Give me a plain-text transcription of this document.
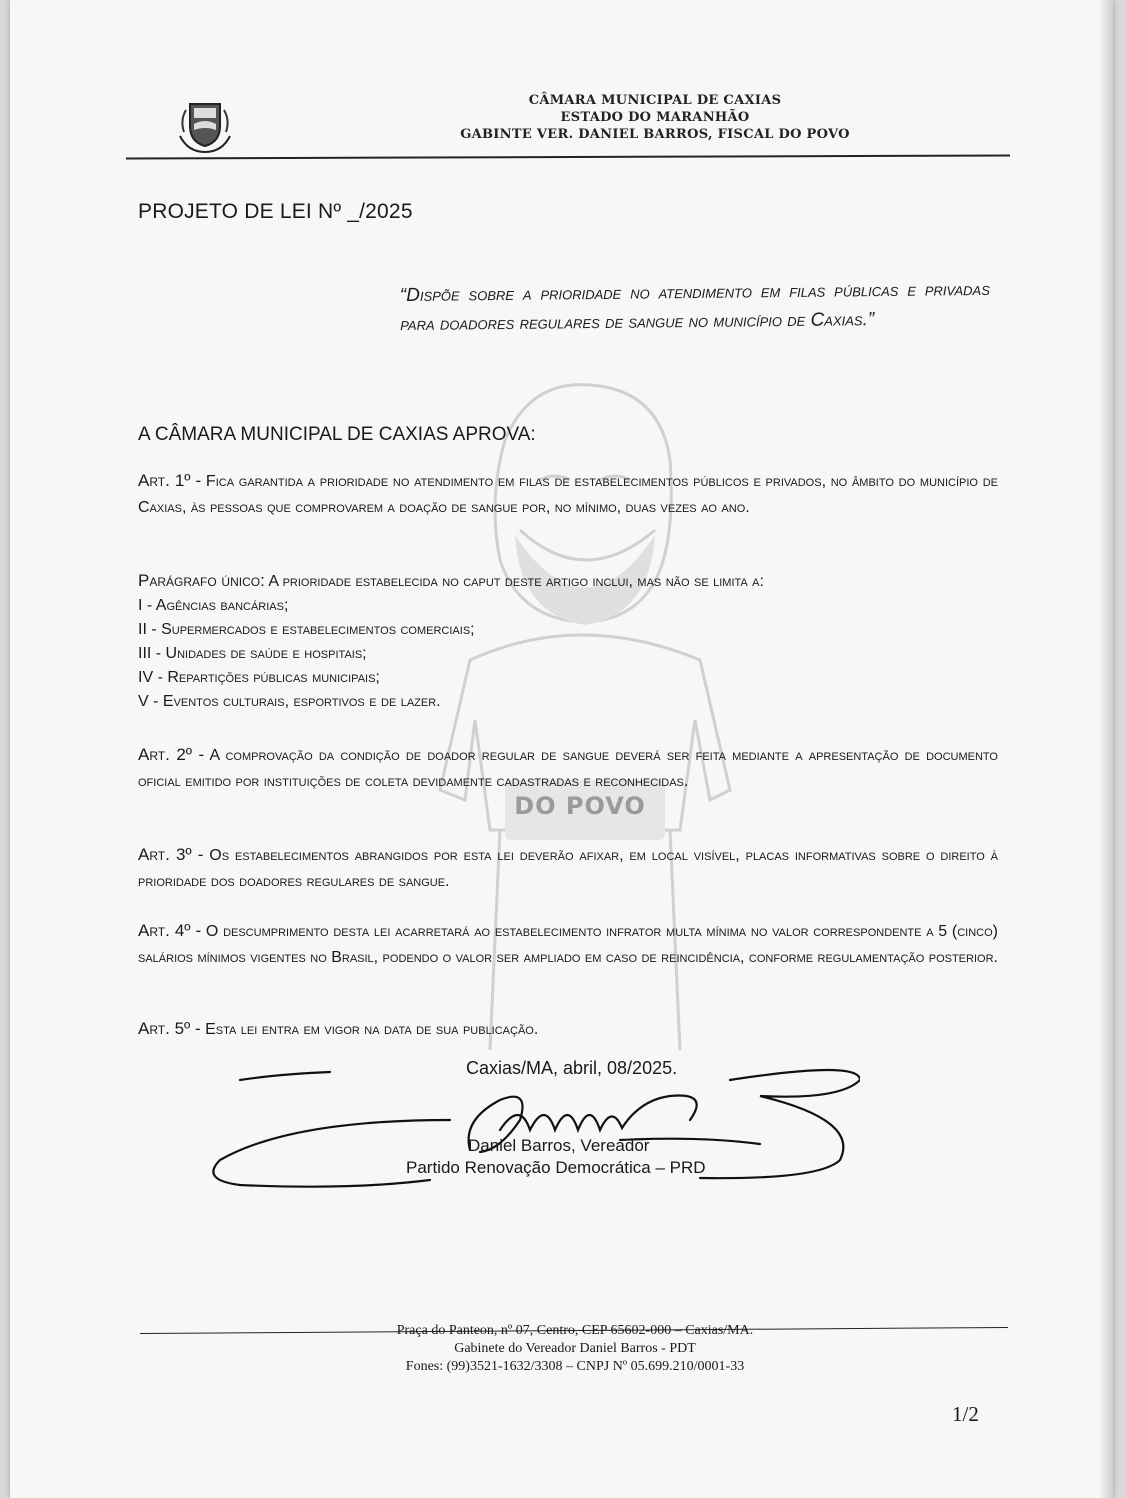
DO POVO
CÂMARA MUNICIPAL DE CAXIAS
ESTADO DO MARANHÃO
GABINTE VER. DANIEL BARROS, FISCAL DO POVO
PROJETO DE LEI Nº _/2025
“Dispõe sobre a prioridade no atendimento em filas públicas e privadas para doadores regulares de sangue no município de Caxias.”
A CÂMARA MUNICIPAL DE CAXIAS APROVA:
Art. 1º - Fica garantida a prioridade no atendimento em filas de estabelecimentos públicos e privados, no âmbito do município de Caxias, às pessoas que comprovarem a doação de sangue por, no mínimo, duas vezes ao ano.
Parágrafo único: A prioridade estabelecida no caput deste artigo inclui, mas não se limita a:
I - Agências bancárias;
II - Supermercados e estabelecimentos comerciais;
III - Unidades de saúde e hospitais;
IV - Repartições públicas municipais;
V - Eventos culturais, esportivos e de lazer.
Art. 2º - A comprovação da condição de doador regular de sangue deverá ser feita mediante a apresentação de documento oficial emitido por instituições de coleta devidamente cadastradas e reconhecidas.
Art. 3º - Os estabelecimentos abrangidos por esta lei deverão afixar, em local visível, placas informativas sobre o direito à prioridade dos doadores regulares de sangue.
Art. 4º - O descumprimento desta lei acarretará ao estabelecimento infrator multa mínima no valor correspondente a 5 (cinco) salários mínimos vigentes no Brasil, podendo o valor ser ampliado em caso de reincidência, conforme regulamentação posterior.
Art. 5º - Esta lei entra em vigor na data de sua publicação.
Caxias/MA, abril, 08/2025.
Daniel Barros, Vereador
Partido Renovação Democrática – PRD
Praça do Panteon, nº 07, Centro, CEP 65602-000 – Caxias/MA.
Gabinete do Vereador Daniel Barros - PDT
Fones: (99)3521-1632/3308 – CNPJ Nº 05.699.210/0001-33
1/2
